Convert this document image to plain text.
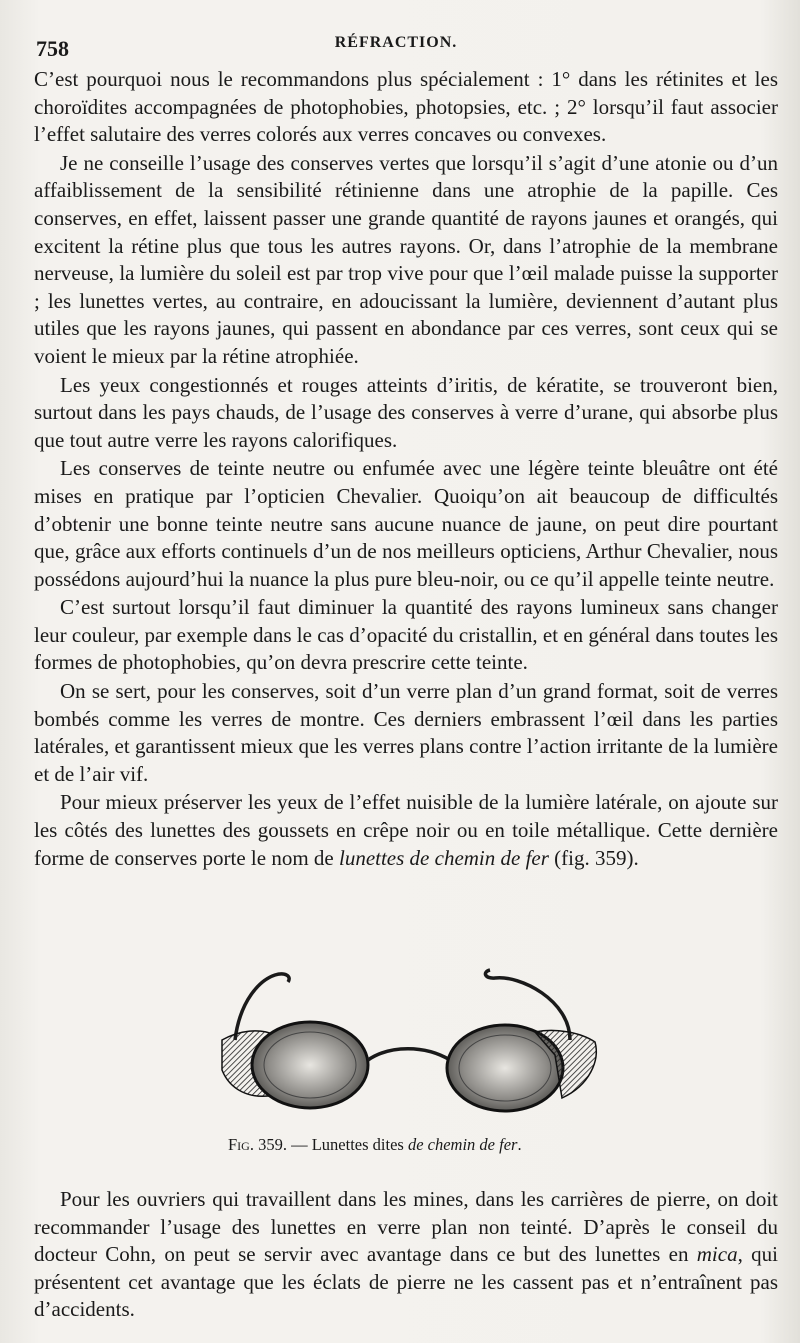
758	RÉFRACTION.

C’est pourquoi nous le recommandons plus spécialement : 1° dans les rétinites et les choroïdites accompagnées de photophobies, photopsies, etc. ; 2° lorsqu’il faut associer l’effet salutaire des verres colorés aux verres concaves ou convexes.

Je ne conseille l’usage des conserves vertes que lorsqu’il s’agit d’une atonie ou d’un affaiblissement de la sensibilité rétinienne dans une atrophie de la papille. Ces conserves, en effet, laissent passer une grande quantité de rayons jaunes et orangés, qui excitent la rétine plus que tous les autres rayons. Or, dans l’atrophie de la membrane nerveuse, la lumière du soleil est par trop vive pour que l’œil malade puisse la supporter ; les lunettes vertes, au contraire, en adoucissant la lumière, deviennent d’autant plus utiles que les rayons jaunes, qui passent en abondance par ces verres, sont ceux qui se voient le mieux par la rétine atrophiée.

Les yeux congestionnés et rouges atteints d’iritis, de kératite, se trouveront bien, surtout dans les pays chauds, de l’usage des conserves à verre d’urane, qui absorbe plus que tout autre verre les rayons calorifiques.

Les conserves de teinte neutre ou enfumée avec une légère teinte bleuâtre ont été mises en pratique par l’opticien Chevalier. Quoiqu’on ait beaucoup de difficultés d’obtenir une bonne teinte neutre sans aucune nuance de jaune, on peut dire pourtant que, grâce aux efforts continuels d’un de nos meilleurs opticiens, Arthur Chevalier, nous possédons aujourd’hui la nuance la plus pure bleu-noir, ou ce qu’il appelle teinte neutre.

C’est surtout lorsqu’il faut diminuer la quantité des rayons lumineux sans changer leur couleur, par exemple dans le cas d’opacité du cristallin, et en général dans toutes les formes de photophobies, qu’on devra prescrire cette teinte.

On se sert, pour les conserves, soit d’un verre plan d’un grand format, soit de verres bombés comme les verres de montre. Ces derniers embrassent l’œil dans les parties latérales, et garantissent mieux que les verres plans contre l’action irritante de la lumière et de l’air vif.

Pour mieux préserver les yeux de l’effet nuisible de la lumière latérale, on ajoute sur les côtés des lunettes des goussets en crêpe noir ou en toile métallique. Cette dernière forme de conserves porte le nom de lunettes de chemin de fer (fig. 359).

Fig. 359. — Lunettes dites de chemin de fer.

Pour les ouvriers qui travaillent dans les mines, dans les carrières de pierre, on doit recommander l’usage des lunettes en verre plan non teinté. D’après le conseil du docteur Cohn, on peut se servir avec avantage dans ce but des lunettes en mica, qui présentent cet avantage que les éclats de pierre ne les cassent pas et n’entraînent pas d’accidents.
